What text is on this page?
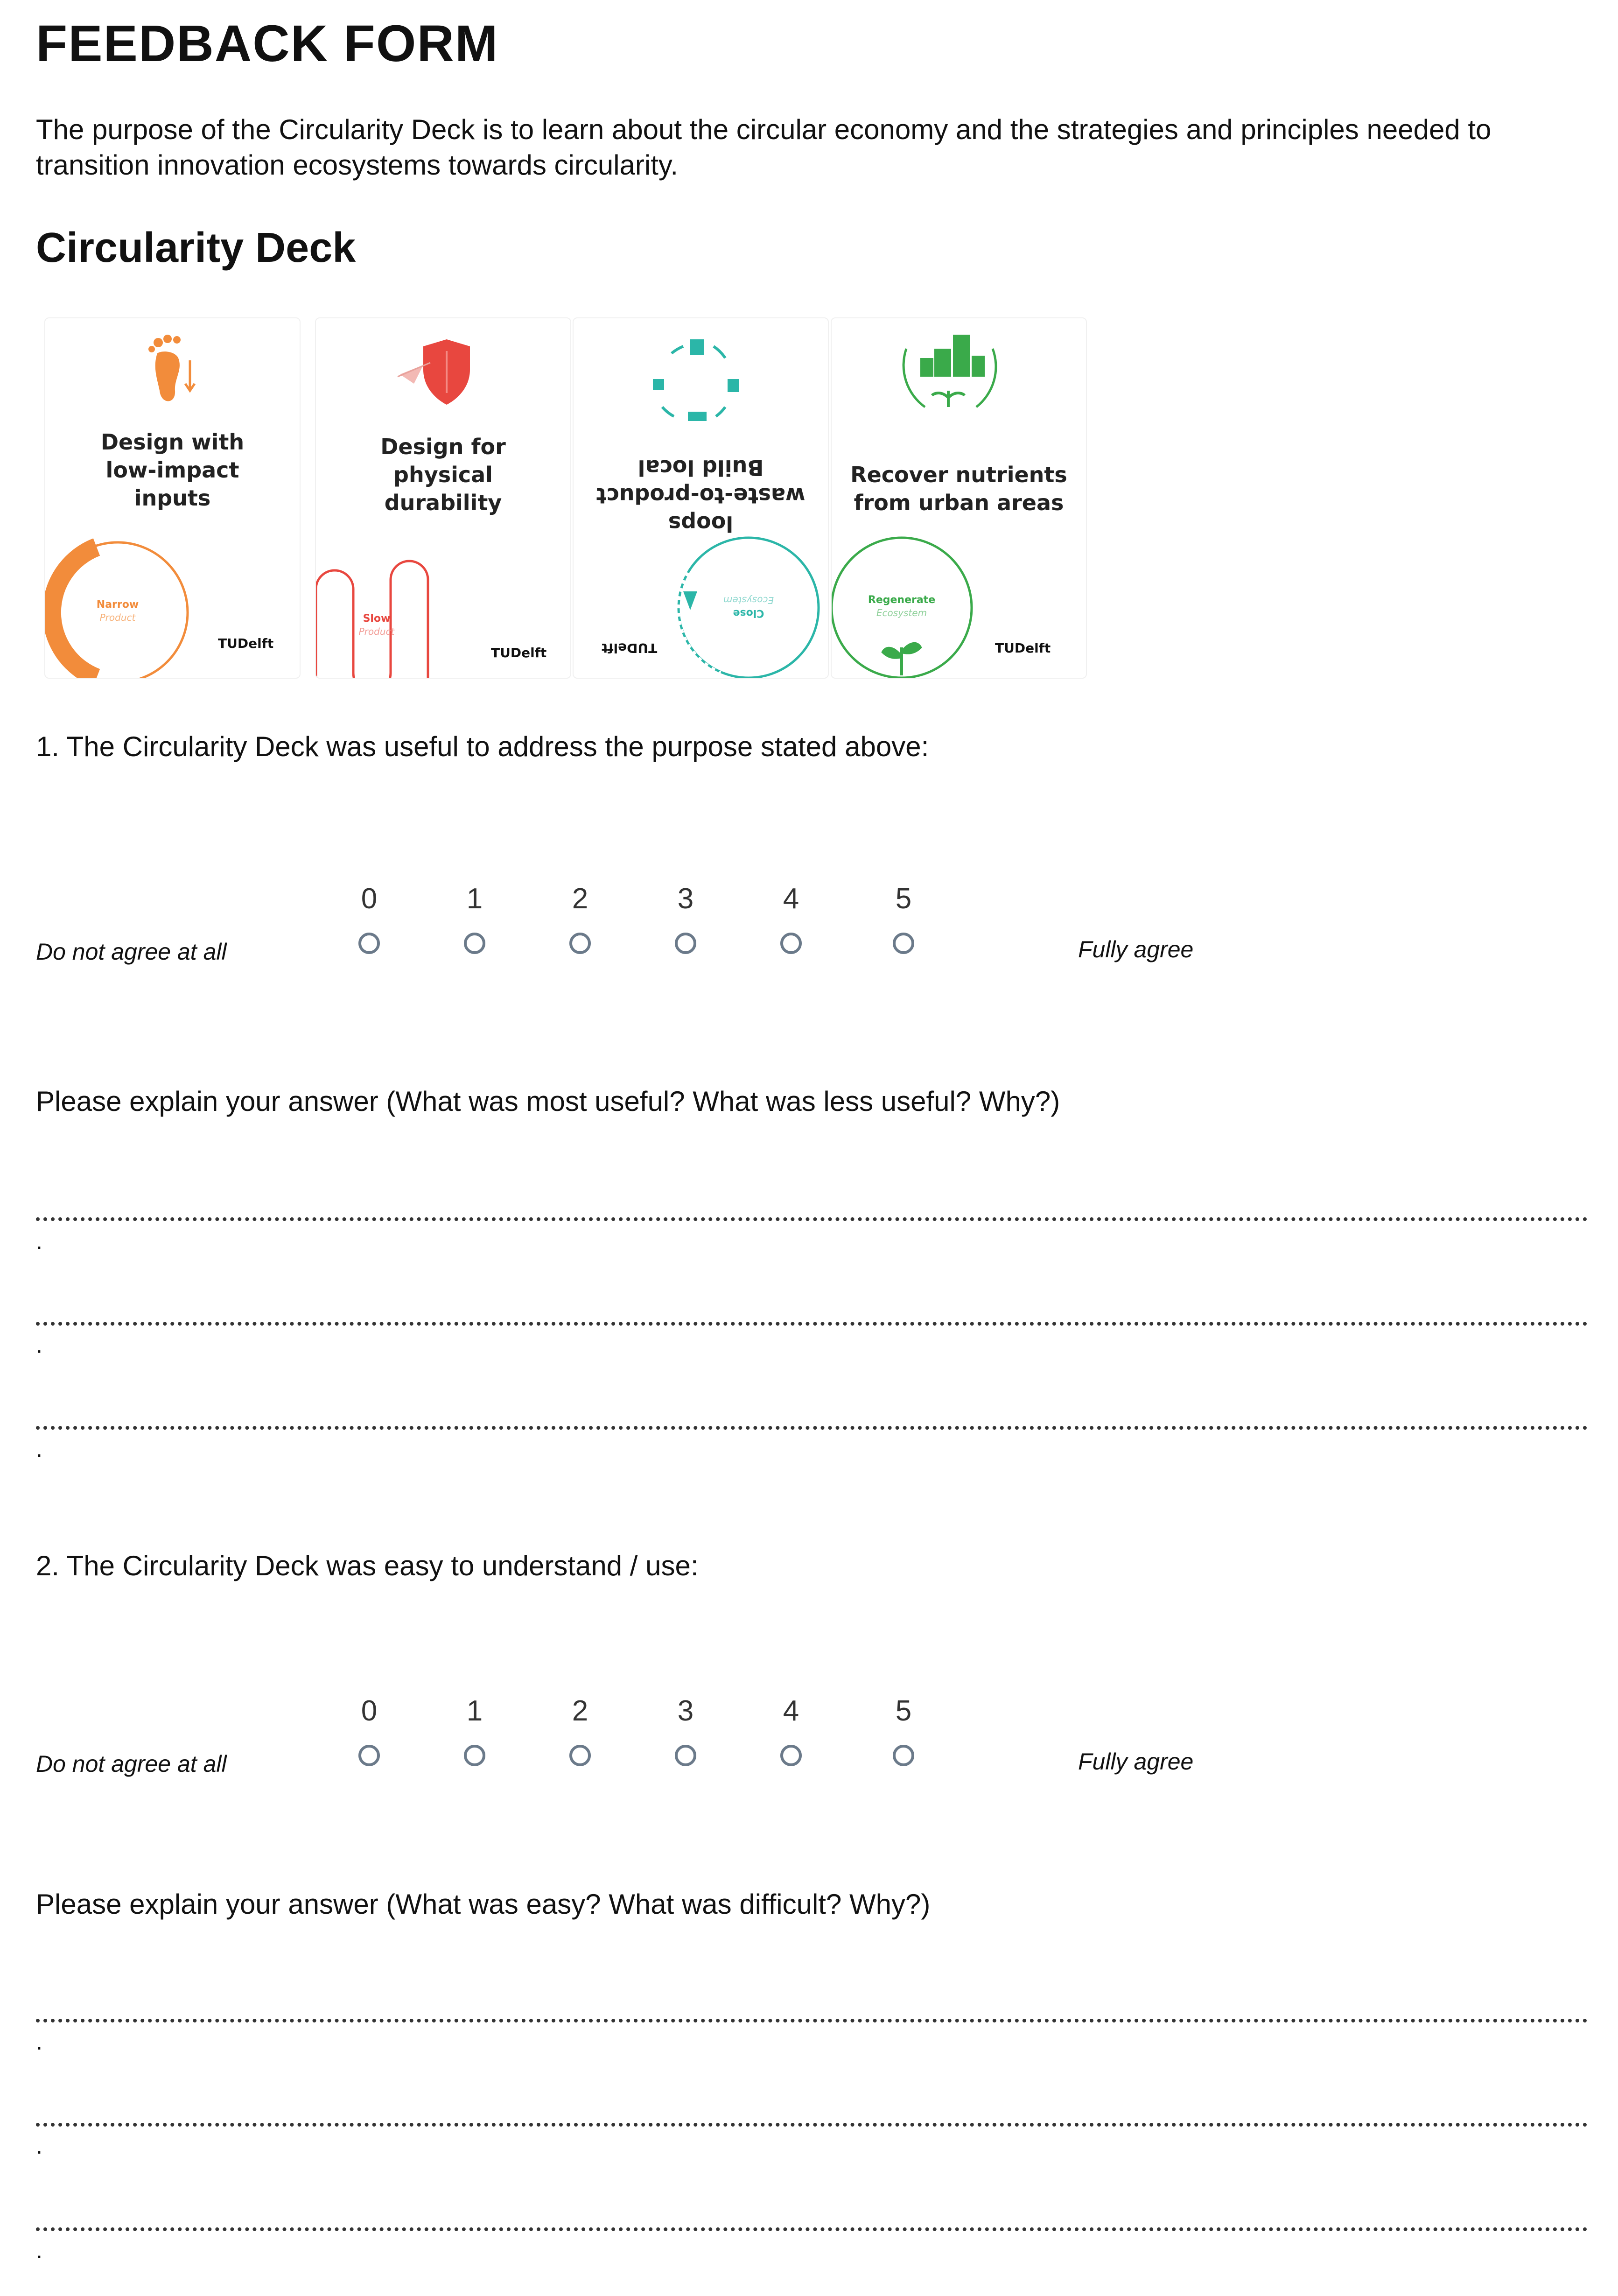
FEEDBACK FORM
The purpose of the Circularity Deck is to learn about the circular economy and the strategies and principles needed to transition innovation ecosystems towards circularity.
Circularity Deck
Design with
low-impact
inputs
Narrow
Product
TUDelft
Design for
physical
durability
Slow
Product
TUDelft
loops
waste-to-product
Build local
Close
Ecosystem
TUDelft
Recover nutrients
from urban areas
Regenerate
Ecosystem
TUDelft
1. The Circularity Deck was useful to address the purpose stated above:
Do not agree at all
0	1	2	3	4	5
Fully agree
Please explain your answer (What was most useful? What was less useful? Why?)
.
.
.
2. The Circularity Deck was easy to understand / use:
Do not agree at all
0	1	2	3	4	5
Fully agree
Please explain your answer (What was easy? What was difficult? Why?)
.
.
.
